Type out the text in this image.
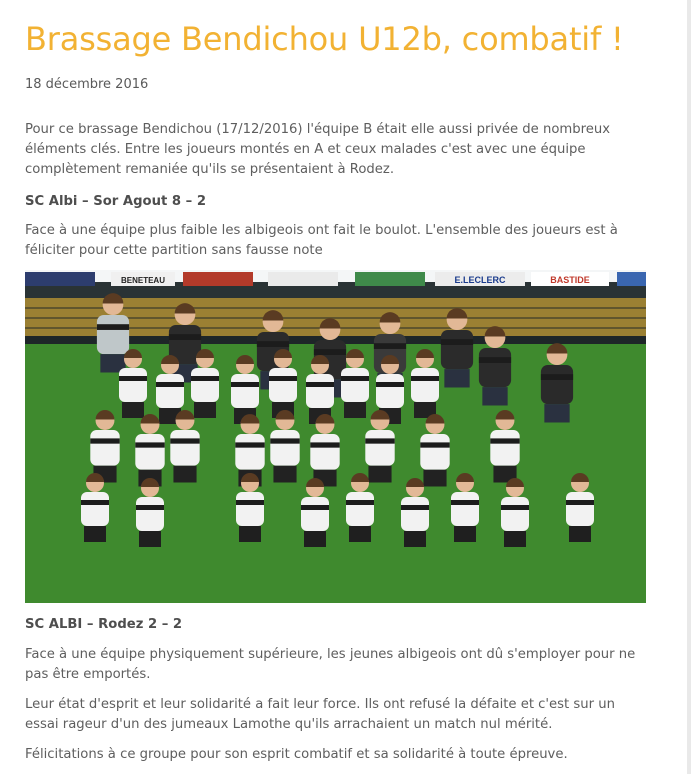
Brassage Bendichou U12b, combatif !
18 décembre 2016

Pour ce brassage Bendichou (17/12/2016) l'équipe B était elle aussi privée de nombreux éléments clés. Entre les joueurs montés en A et ceux malades c'est avec une équipe complètement remaniée qu'ils se présentaient à Rodez.

SC Albi – Sor Agout 8 – 2

Face à une équipe plus faible les albigeois ont fait le boulot. L'ensemble des joueurs est à féliciter pour cette partition sans fausse note

BENETEAU	E.LECLERC	BASTIDE
SC ALBI – Rodez 2 – 2

Face à une équipe physiquement supérieure, les jeunes albigeois ont dû s'employer pour ne pas être emportés.

Leur état d'esprit et leur solidarité a fait leur force. Ils ont refusé la défaite et c'est sur un essai rageur d'un des jumeaux Lamothe qu'ils arrachaient un match nul mérité.

Félicitations à ce groupe pour son esprit combatif et sa solidarité à toute épreuve.
